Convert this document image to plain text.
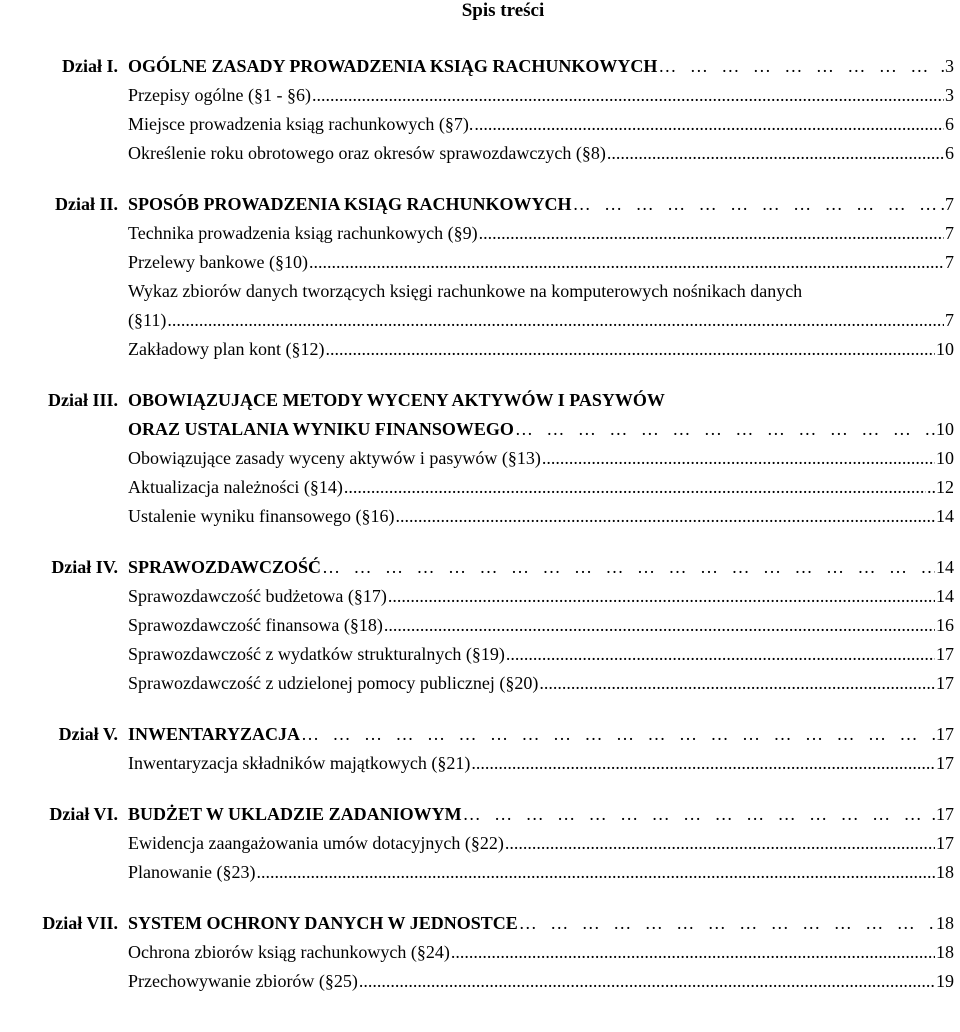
Spis treści
Dział I. OGÓLNE ZASADY PROWADZENIA KSIĄG RACHUNKOWYCH … … … … … … … … … … … … … … … … … … … … … … … … … … … … … … … … … … … … … … … … … … … …	.3
Przepisy ogólne (§1 - §6) .....	3
Miejsce prowadzenia ksiąg rachunkowych (§7). .....	6
Określenie roku obrotowego oraz okresów sprawozdawczych (§8) .....	6
Dział II. SPOSÓB PROWADZENIA KSIĄG RACHUNKOWYCH … … … … … … … … … … … … … … … … … … … … … … … … … … … … … … … … … … … … … … … … … … … …	.7
Technika prowadzenia ksiąg rachunkowych (§9) .....	7
Przelewy bankowe (§10) .....	7
Wykaz zbiorów danych tworzących księgi rachunkowe na komputerowych nośnikach danych
(§11) .....	7
Zakładowy plan kont (§12) .....	10
Dział III. OBOWIĄZUJĄCE METODY WYCENY AKTYWÓW I PASYWÓW
ORAZ USTALANIA WYNIKU FINANSOWEGO … … … … … … … … … … … … … … … … … … … … … … … … … … … … … … … … … … … … … … … … … … … …	10
Obowiązujące zasady wyceny aktywów i pasywów (§13) .....	10
Aktualizacja należności (§14) .....	..12
Ustalenie wyniku finansowego (§16) .....	14
Dział IV. SPRAWOZDAWCZOŚĆ … … … … … … … … … … … … … … … … … … … … … … … … … … … … … … … … … … … … … … … … … … … …	14
Sprawozdawczość budżetowa (§17) .....	14
Sprawozdawczość finansowa (§18) .....	16
Sprawozdawczość z wydatków strukturalnych (§19) .....	17
Sprawozdawczość z udzielonej pomocy publicznej (§20) .....	17
Dział V. INWENTARYZACJA … … … … … … … … … … … … … … … … … … … … … … … … … … … … … … … … … … … … … … … … … … … …	.17
Inwentaryzacja składników majątkowych (§21) .....	17
Dział VI. BUDŻET W UKLADZIE ZADANIOWYM … … … … … … … … … … … … … … … … … … … … … … … … … … … … … … … … … … … … … … … … … … … …	.17
Ewidencja zaangażowania umów dotacyjnych (§22) .....	17
Planowanie (§23) .....	18
Dział VII. SYSTEM OCHRONY DANYCH W JEDNOSTCE … … … … … … … … … … … … … … … … … … … … … … … … … … … … … … … … … … … … … … … … … … … …	18
Ochrona zbiorów ksiąg rachunkowych (§24) .....	18
Przechowywanie zbiorów (§25) .....	19
